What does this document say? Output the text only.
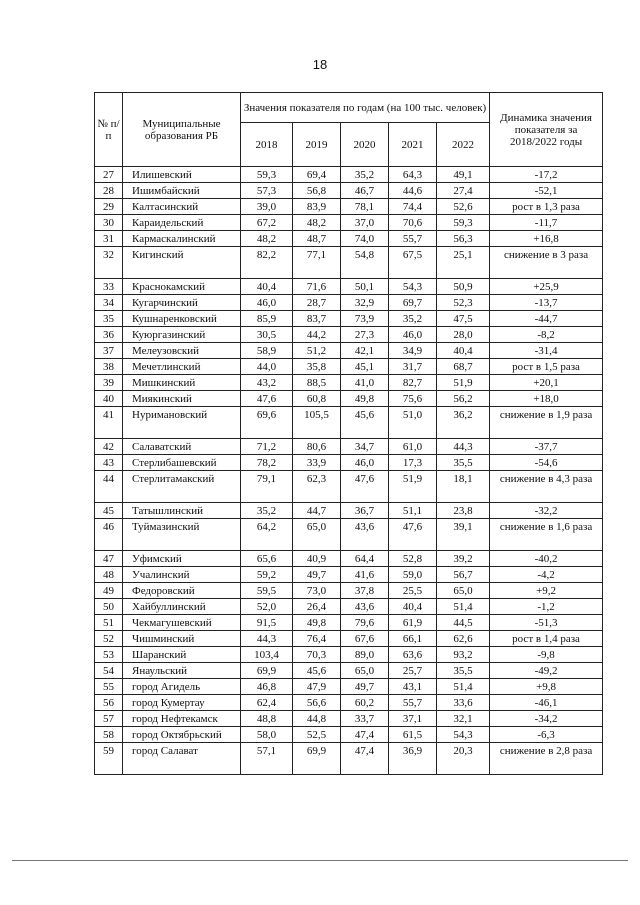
18
№ п/п	Муниципальные образования РБ	Значения показателя по годам (на 100 тыс. человек)					Динамика значения показателя за 2018/2022 годы
		2018	2019	2020	2021	2022	
27	Илишевский	59,3	69,4	35,2	64,3	49,1	-17,2
28	Ишимбайский	57,3	56,8	46,7	44,6	27,4	-52,1
29	Калтасинский	39,0	83,9	78,1	74,4	52,6	рост в 1,3 раза
30	Караидельский	67,2	48,2	37,0	70,6	59,3	-11,7
31	Кармаскалинский	48,2	48,7	74,0	55,7	56,3	+16,8
32	Кигинский	82,2	77,1	54,8	67,5	25,1	снижение в 3 раза
33	Краснокамский	40,4	71,6	50,1	54,3	50,9	+25,9
34	Кугарчинский	46,0	28,7	32,9	69,7	52,3	-13,7
35	Кушнаренковский	85,9	83,7	73,9	35,2	47,5	-44,7
36	Куюргазинский	30,5	44,2	27,3	46,0	28,0	-8,2
37	Мелеузовский	58,9	51,2	42,1	34,9	40,4	-31,4
38	Мечетлинский	44,0	35,8	45,1	31,7	68,7	рост в 1,5 раза
39	Мишкинский	43,2	88,5	41,0	82,7	51,9	+20,1
40	Миякинский	47,6	60,8	49,8	75,6	56,2	+18,0
41	Нуримановский	69,6	105,5	45,6	51,0	36,2	снижение в 1,9 раза
42	Салаватский	71,2	80,6	34,7	61,0	44,3	-37,7
43	Стерлибашевский	78,2	33,9	46,0	17,3	35,5	-54,6
44	Стерлитамакский	79,1	62,3	47,6	51,9	18,1	снижение в 4,3 раза
45	Татышлинский	35,2	44,7	36,7	51,1	23,8	-32,2
46	Туймазинский	64,2	65,0	43,6	47,6	39,1	снижение в 1,6 раза
47	Уфимский	65,6	40,9	64,4	52,8	39,2	-40,2
48	Учалинский	59,2	49,7	41,6	59,0	56,7	-4,2
49	Федоровский	59,5	73,0	37,8	25,5	65,0	+9,2
50	Хайбуллинский	52,0	26,4	43,6	40,4	51,4	-1,2
51	Чекмагушевский	91,5	49,8	79,6	61,9	44,5	-51,3
52	Чишминский	44,3	76,4	67,6	66,1	62,6	рост в 1,4 раза
53	Шаранский	103,4	70,3	89,0	63,6	93,2	-9,8
54	Янаульский	69,9	45,6	65,0	25,7	35,5	-49,2
55	город Агидель	46,8	47,9	49,7	43,1	51,4	+9,8
56	город Кумертау	62,4	56,6	60,2	55,7	33,6	-46,1
57	город Нефтекамск	48,8	44,8	33,7	37,1	32,1	-34,2
58	город Октябрьский	58,0	52,5	47,4	61,5	54,3	-6,3
59	город Салават	57,1	69,9	47,4	36,9	20,3	снижение в 2,8 раза
